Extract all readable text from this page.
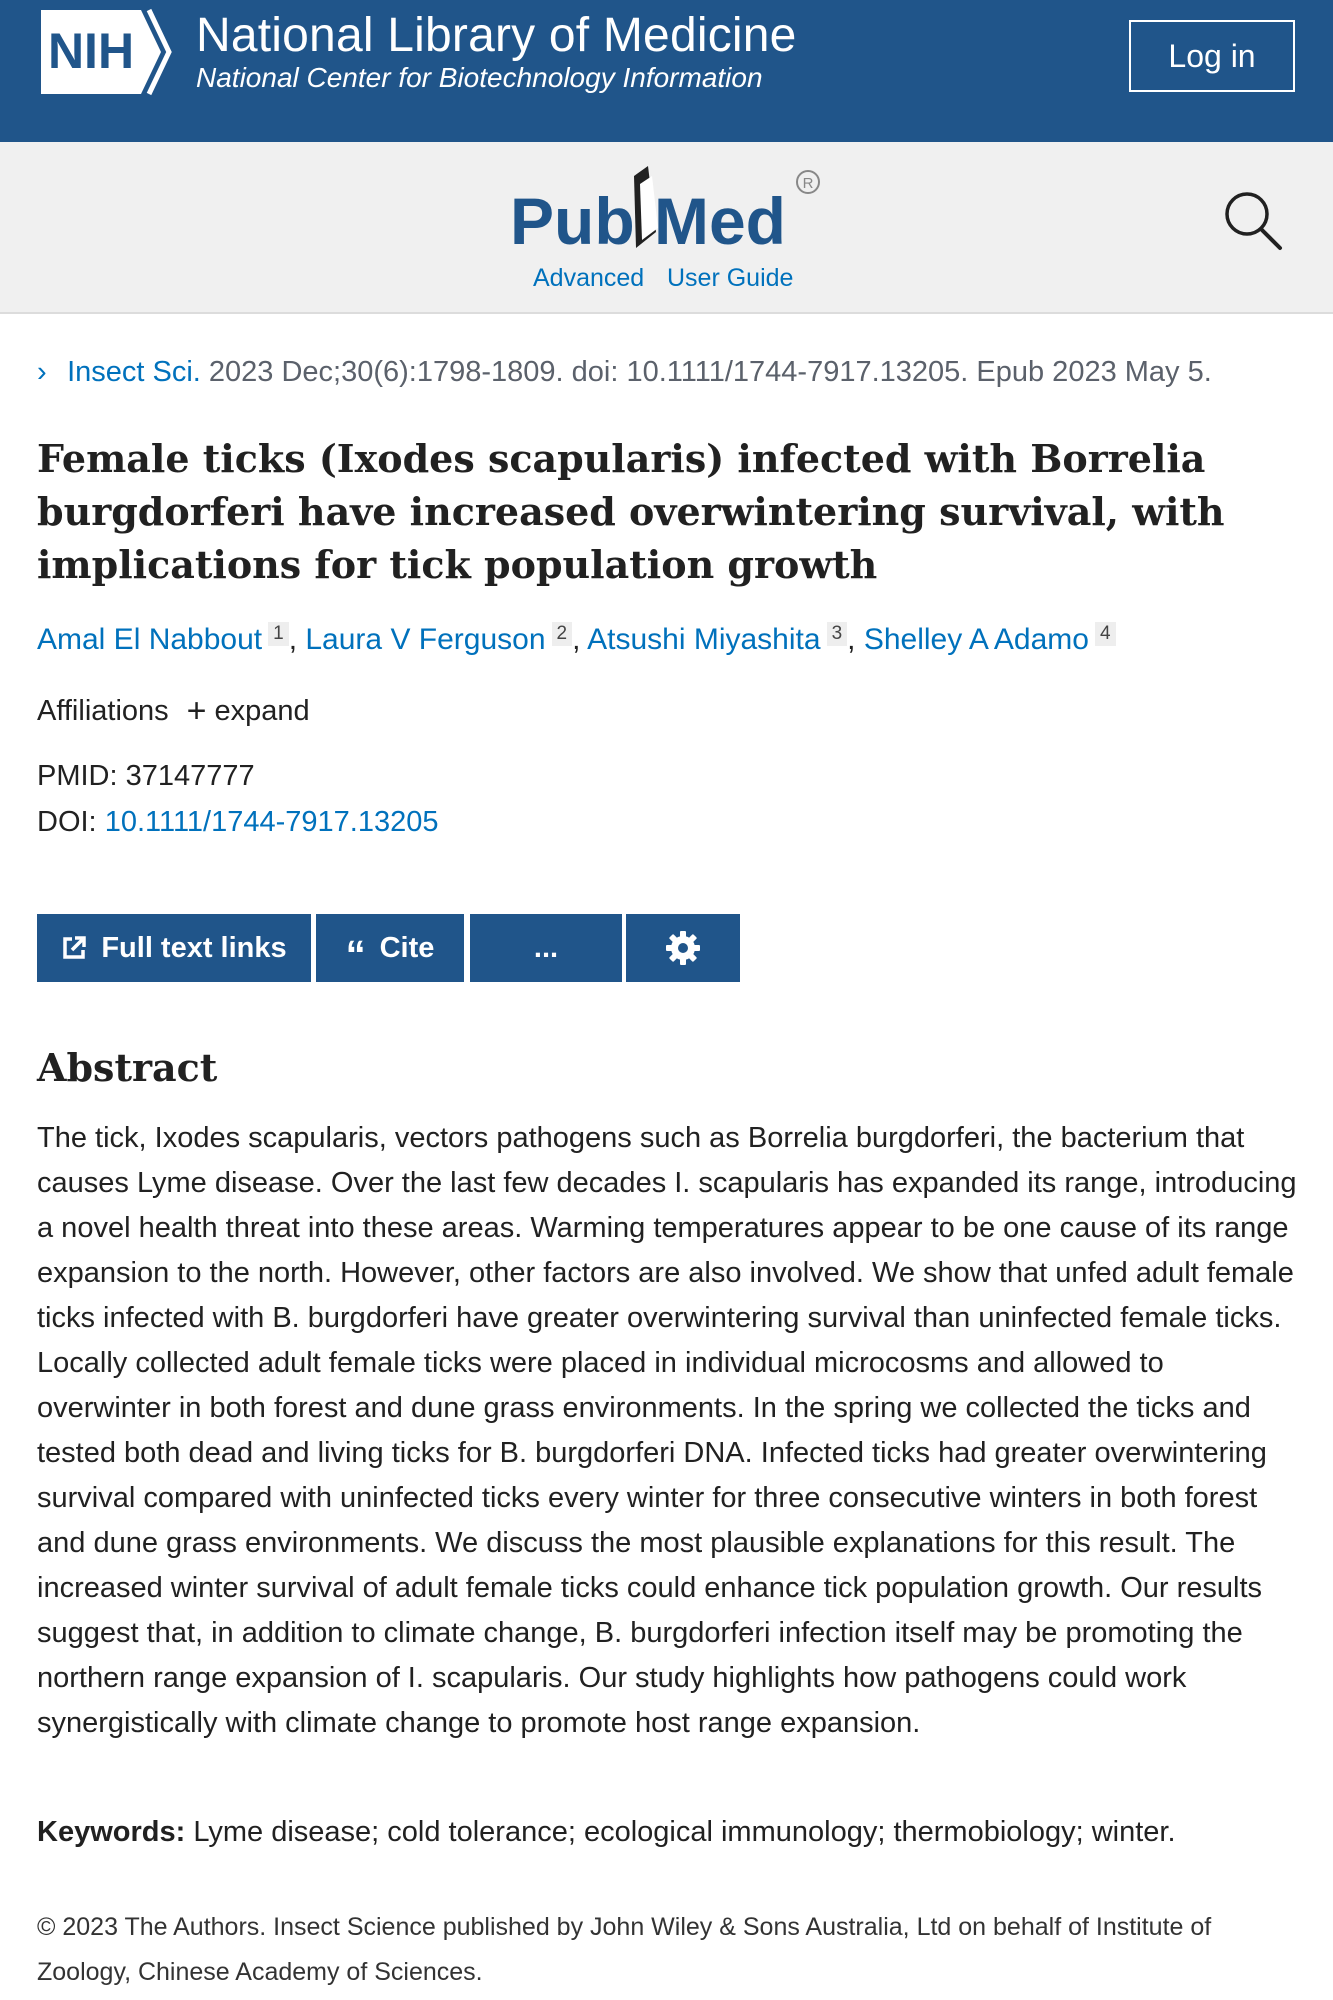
NIH National Library of Medicine
National Center for Biotechnology Information
Log in
Pub Med
R
Advanced User Guide
› Insect Sci. 2023 Dec;30(6):1798-1809. doi: 10.1111/1744-7917.13205. Epub 2023 May 5.
Female ticks (Ixodes scapularis) infected with Borrelia burgdorferi have increased overwintering survival, with implications for tick population growth
Amal El Nabbout 1 , Laura V Ferguson 2 , Atsushi Miyashita 3 , Shelley A Adamo 4
Affiliations + expand
PMID: 37147777
DOI: 10.1111/1744-7917.13205
Full text links “ Cite	...
Abstract

The tick, Ixodes scapularis, vectors pathogens such as Borrelia burgdorferi, the bacterium that causes Lyme disease. Over the last few decades I. scapularis has expanded its range, introducing a novel health threat into these areas. Warming temperatures appear to be one cause of its range expansion to the north. However, other factors are also involved. We show that unfed adult female ticks infected with B. burgdorferi have greater overwintering survival than uninfected female ticks. Locally collected adult female ticks were placed in individual microcosms and allowed to overwinter in both forest and dune grass environments. In the spring we collected the ticks and tested both dead and living ticks for B. burgdorferi DNA. Infected ticks had greater overwintering survival compared with uninfected ticks every winter for three consecutive winters in both forest and dune grass environments. We discuss the most plausible explanations for this result. The increased winter survival of adult female ticks could enhance tick population growth. Our results suggest that, in addition to climate change, B. burgdorferi infection itself may be promoting the northern range expansion of I. scapularis. Our study highlights how pathogens could work synergistically with climate change to promote host range expansion.

Keywords: Lyme disease; cold tolerance; ecological immunology; thermobiology; winter.
© 2023 The Authors. Insect Science published by John Wiley & Sons Australia, Ltd on behalf of Institute of Zoology, Chinese Academy of Sciences.
